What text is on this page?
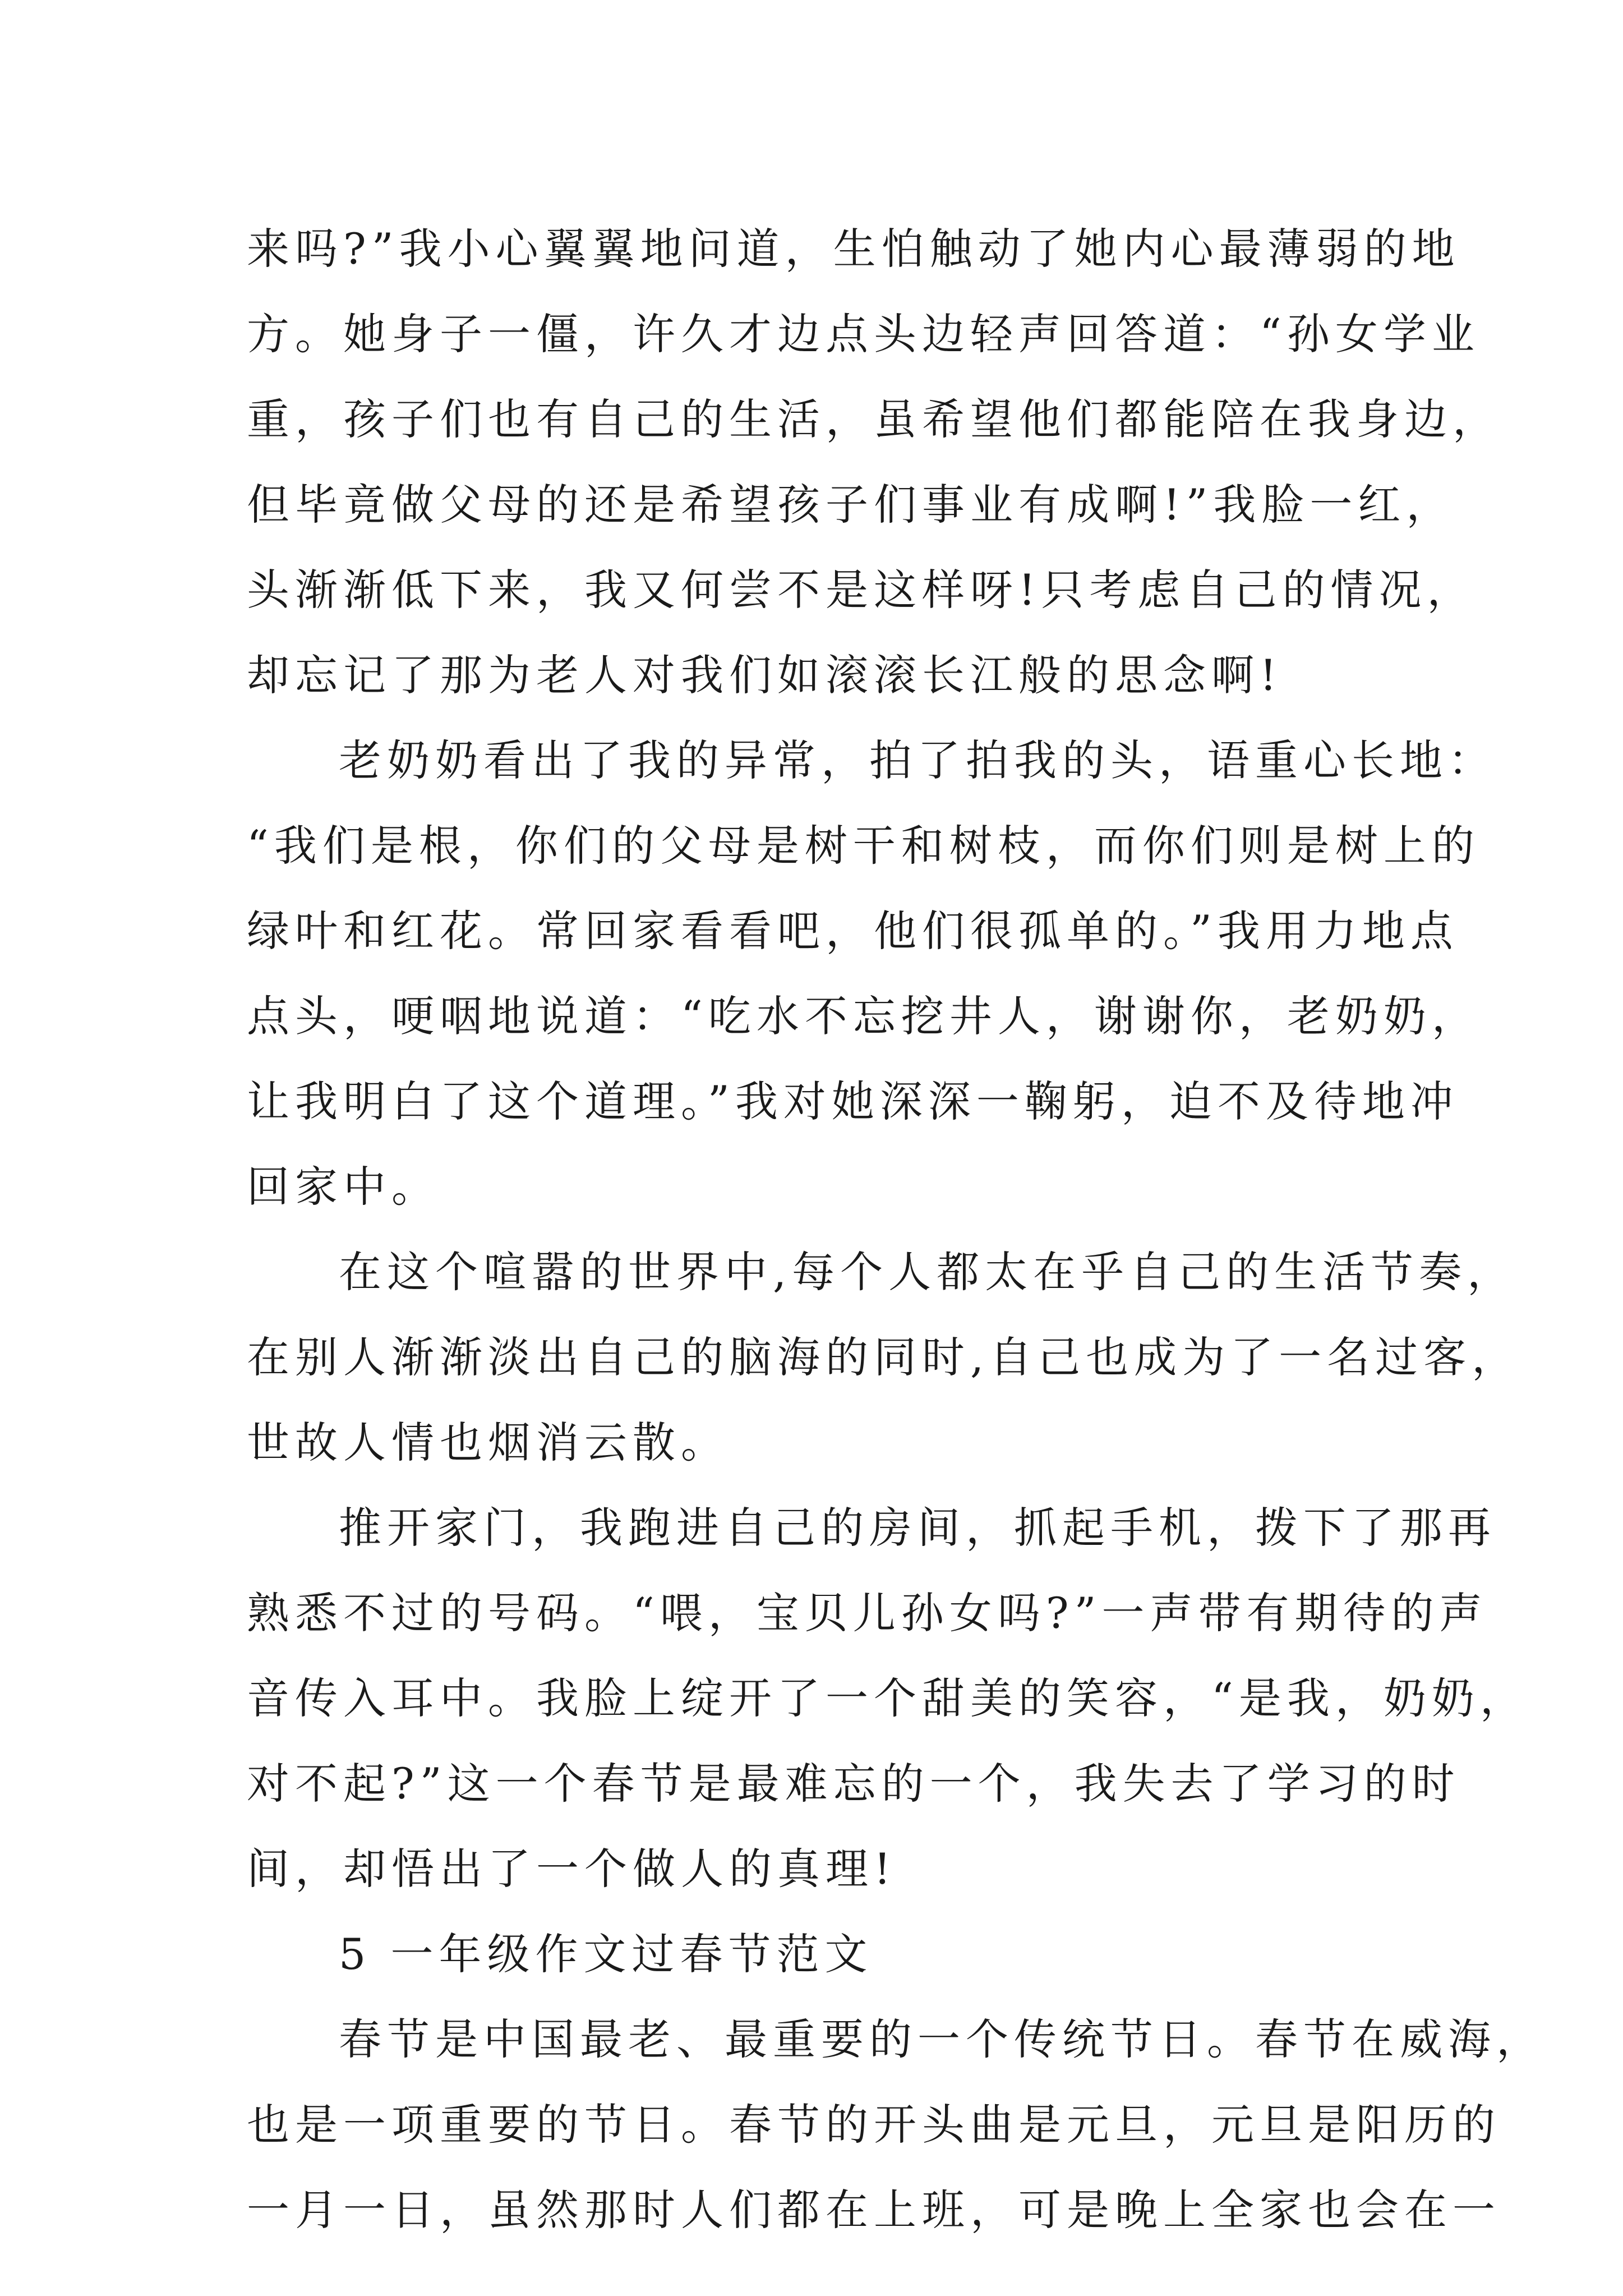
来吗?”我小心翼翼地问道，生怕触动了她内心最薄弱的地
方。她身子一僵，许久才边点头边轻声回答道：“孙女学业
重，孩子们也有自己的生活，虽希望他们都能陪在我身边，
但毕竟做父母的还是希望孩子们事业有成啊!”我脸一红，
头渐渐低下来，我又何尝不是这样呀!只考虑自己的情况，
却忘记了那为老人对我们如滚滚长江般的思念啊!
老奶奶看出了我的异常，拍了拍我的头，语重心长地：
“我们是根，你们的父母是树干和树枝，而你们则是树上的
绿叶和红花。常回家看看吧，他们很孤单的。”我用力地点
点头，哽咽地说道：“吃水不忘挖井人，谢谢你，老奶奶，
让我明白了这个道理。”我对她深深一鞠躬，迫不及待地冲
回家中。
在这个喧嚣的世界中,每个人都太在乎自己的生活节奏，
在别人渐渐淡出自己的脑海的同时,自己也成为了一名过客，
世故人情也烟消云散。
推开家门，我跑进自己的房间，抓起手机，拨下了那再
熟悉不过的号码。“喂，宝贝儿孙女吗?”一声带有期待的声
音传入耳中。我脸上绽开了一个甜美的笑容，“是我，奶奶，
对不起?”这一个春节是最难忘的一个，我失去了学习的时
间，却悟出了一个做人的真理!
5 一年级作文过春节范文
春节是中国最老、最重要的一个传统节日。春节在威海，
也是一项重要的节日。春节的开头曲是元旦，元旦是阳历的
一月一日，虽然那时人们都在上班，可是晚上全家也会在一
